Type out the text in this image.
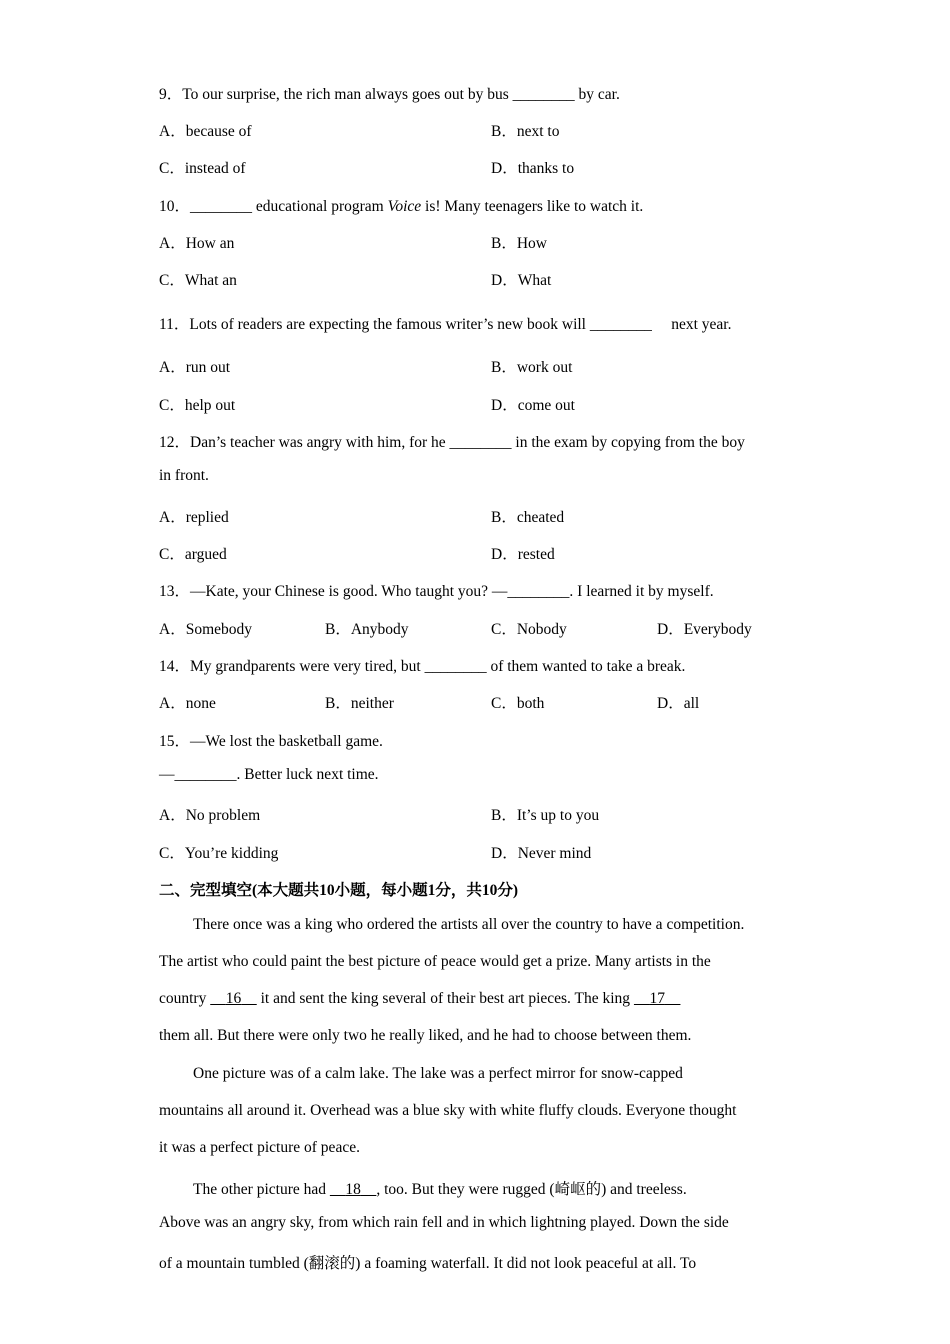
9．To our surprise, the rich man always goes out by bus ________ by car.
A．because of	B．next to
C．instead of	D．thanks to
10．________ educational program Voice is! Many teenagers like to watch it.
A．How an	B．How
C．What an	D．What
11．Lots of readers are expecting the famous writer’s new book will ________     next year.
A．run out	B．work out
C．help out	D．come out
12．Dan’s teacher was angry with him, for he ________ in the exam by copying from the boy
in front.
A．replied	B．cheated
C．argued	D．rested
13．—Kate, your Chinese is good. Who taught you? —________. I learned it by myself.
A．Somebody	B．Anybody	C．Nobody	D．Everybody
14．My grandparents were very tired, but ________ of them wanted to take a break.
A．none	B．neither	C．both	D．all
15．—We lost the basketball game.
—________. Better luck next time.
A．No problem	B．It’s up to you
C．You’re kidding	D．Never mind
二、完型填空(本大题共10小题，每小题1分，共10分)
There once was a king who ordered the artists all over the country to have a competition.
The artist who could paint the best picture of peace would get a prize. Many artists in the
country     16     it and sent the king several of their best art pieces. The king     17
them all. But there were only two he really liked, and he had to choose between them.
One picture was of a calm lake. The lake was a perfect mirror for snow-capped
mountains all around it. Overhead was a blue sky with white fluffy clouds. Everyone thought
it was a perfect picture of peace.
The other picture had     18 , too. But they were rugged (崎岖的) and treeless.
Above was an angry sky, from which rain fell and in which lightning played. Down the side
of a mountain tumbled (翻滚的) a foaming waterfall. It did not look peaceful at all. To
